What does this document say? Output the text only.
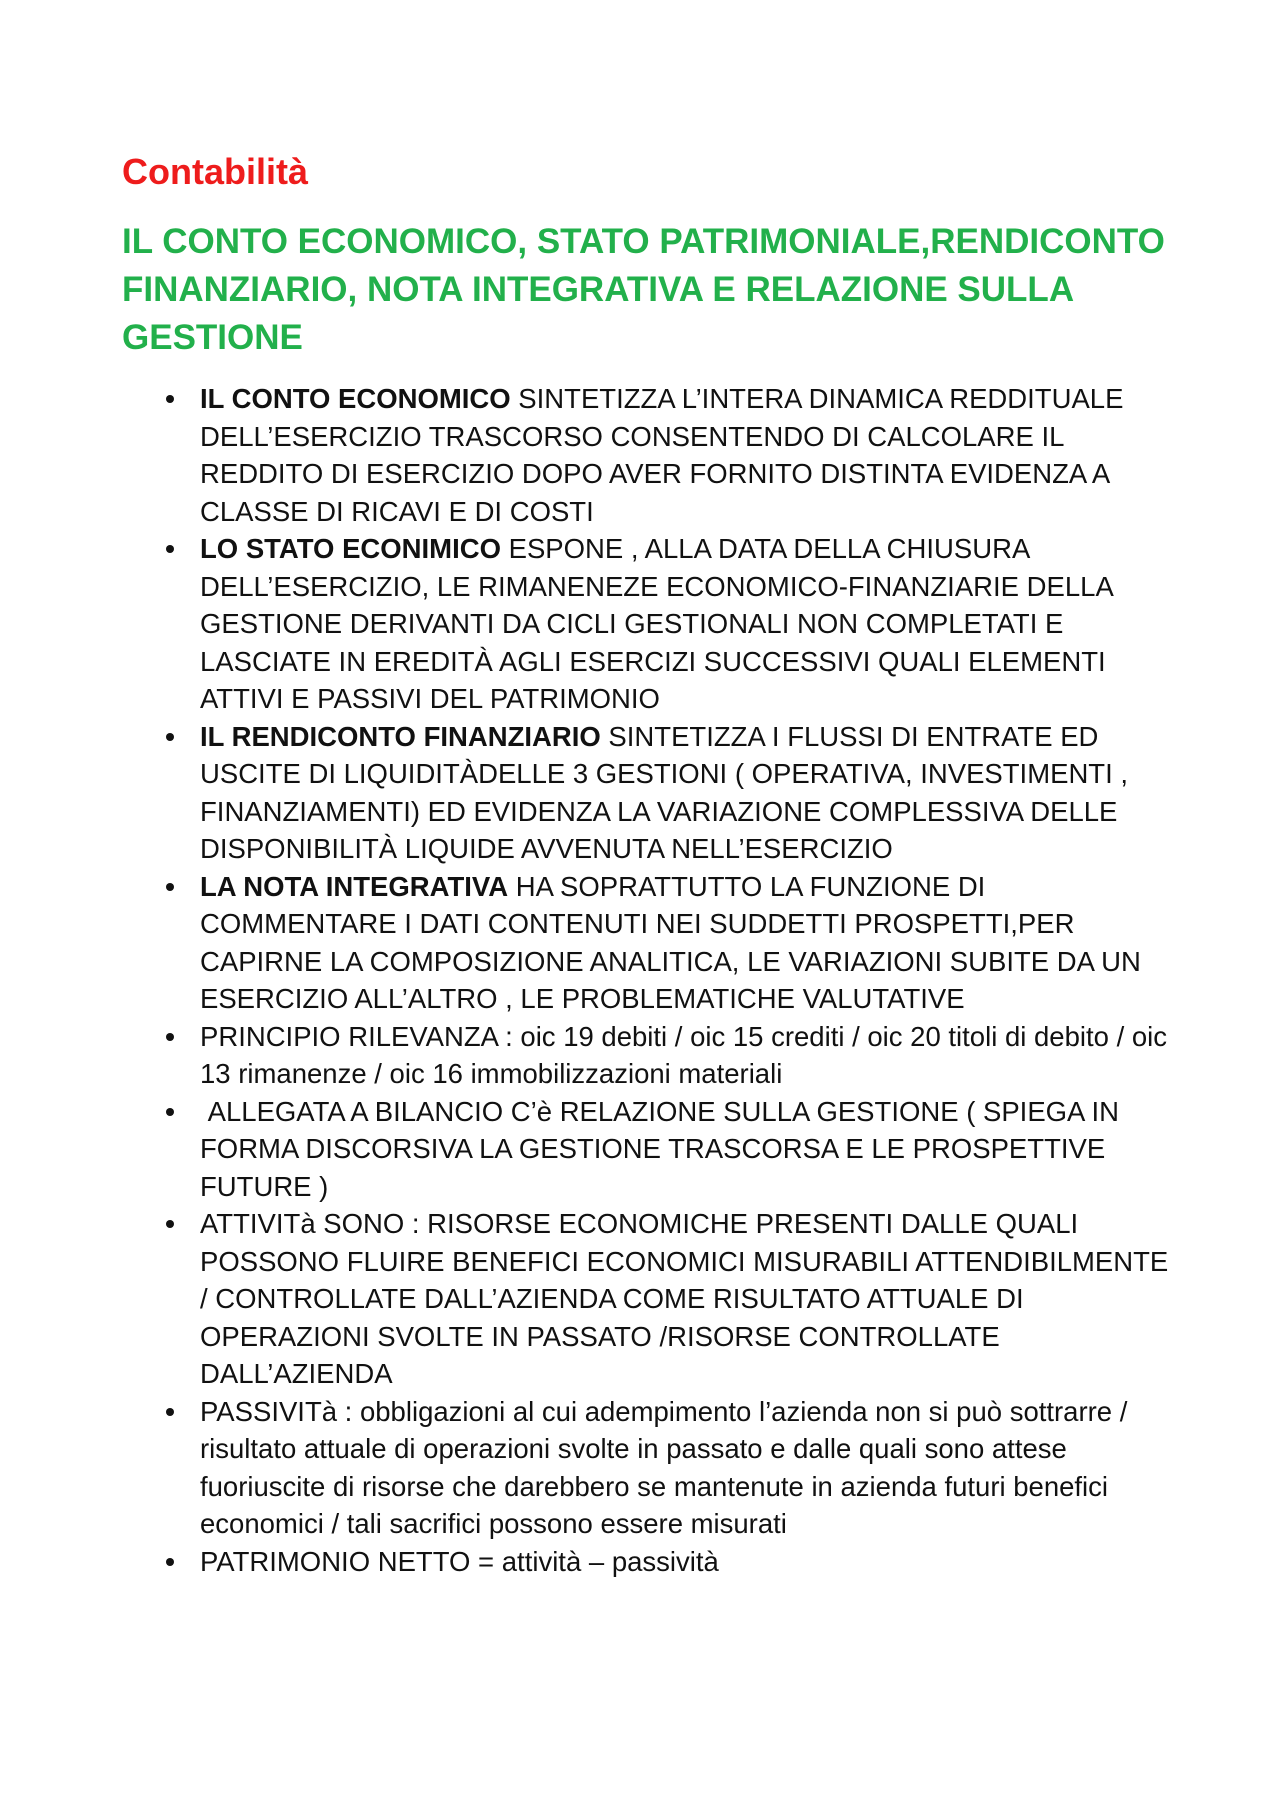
Contabilità
IL CONTO ECONOMICO, STATO PATRIMONIALE,RENDICONTO FINANZIARIO, NOTA INTEGRATIVA E RELAZIONE SULLA GESTIONE
IL CONTO ECONOMICO SINTETIZZA L’INTERA DINAMICA REDDITUALE DELL’ESERCIZIO TRASCORSO CONSENTENDO DI CALCOLARE IL REDDITO DI ESERCIZIO DOPO AVER FORNITO DISTINTA EVIDENZA A CLASSE DI RICAVI E DI COSTI
LO STATO ECONIMICO ESPONE , ALLA DATA DELLA CHIUSURA DELL’ESERCIZIO, LE RIMANENEZE ECONOMICO-FINANZIARIE DELLA GESTIONE DERIVANTI DA CICLI GESTIONALI NON COMPLETATI E LASCIATE IN EREDITÀ AGLI ESERCIZI SUCCESSIVI QUALI ELEMENTI ATTIVI E PASSIVI DEL PATRIMONIO
IL RENDICONTO FINANZIARIO SINTETIZZA I FLUSSI DI ENTRATE ED USCITE DI LIQUIDITÀDELLE 3 GESTIONI ( OPERATIVA, INVESTIMENTI , FINANZIAMENTI) ED EVIDENZA LA VARIAZIONE COMPLESSIVA DELLE DISPONIBILITÀ LIQUIDE AVVENUTA NELL’ESERCIZIO
LA NOTA INTEGRATIVA HA SOPRATTUTTO LA FUNZIONE DI COMMENTARE I DATI CONTENUTI NEI SUDDETTI PROSPETTI,PER CAPIRNE LA COMPOSIZIONE ANALITICA, LE VARIAZIONI SUBITE DA UN ESERCIZIO ALL’ALTRO , LE PROBLEMATICHE VALUTATIVE
PRINCIPIO RILEVANZA : oic 19 debiti / oic 15 crediti / oic 20 titoli di debito / oic 13 rimanenze / oic 16 immobilizzazioni materiali
ALLEGATA A BILANCIO C’è RELAZIONE SULLA GESTIONE ( SPIEGA IN FORMA DISCORSIVA LA GESTIONE TRASCORSA E LE PROSPETTIVE FUTURE )
ATTIVITà SONO : RISORSE ECONOMICHE PRESENTI DALLE QUALI POSSONO FLUIRE BENEFICI ECONOMICI MISURABILI ATTENDIBILMENTE / CONTROLLATE DALL’AZIENDA COME RISULTATO ATTUALE DI OPERAZIONI SVOLTE IN PASSATO /RISORSE CONTROLLATE DALL’AZIENDA
PASSIVITà : obbligazioni al cui adempimento l’azienda non si può sottrarre / risultato attuale di operazioni svolte in passato e dalle quali sono attese fuoriuscite di risorse che darebbero se mantenute in azienda futuri benefici economici / tali sacrifici possono essere misurati
PATRIMONIO NETTO = attività – passività
